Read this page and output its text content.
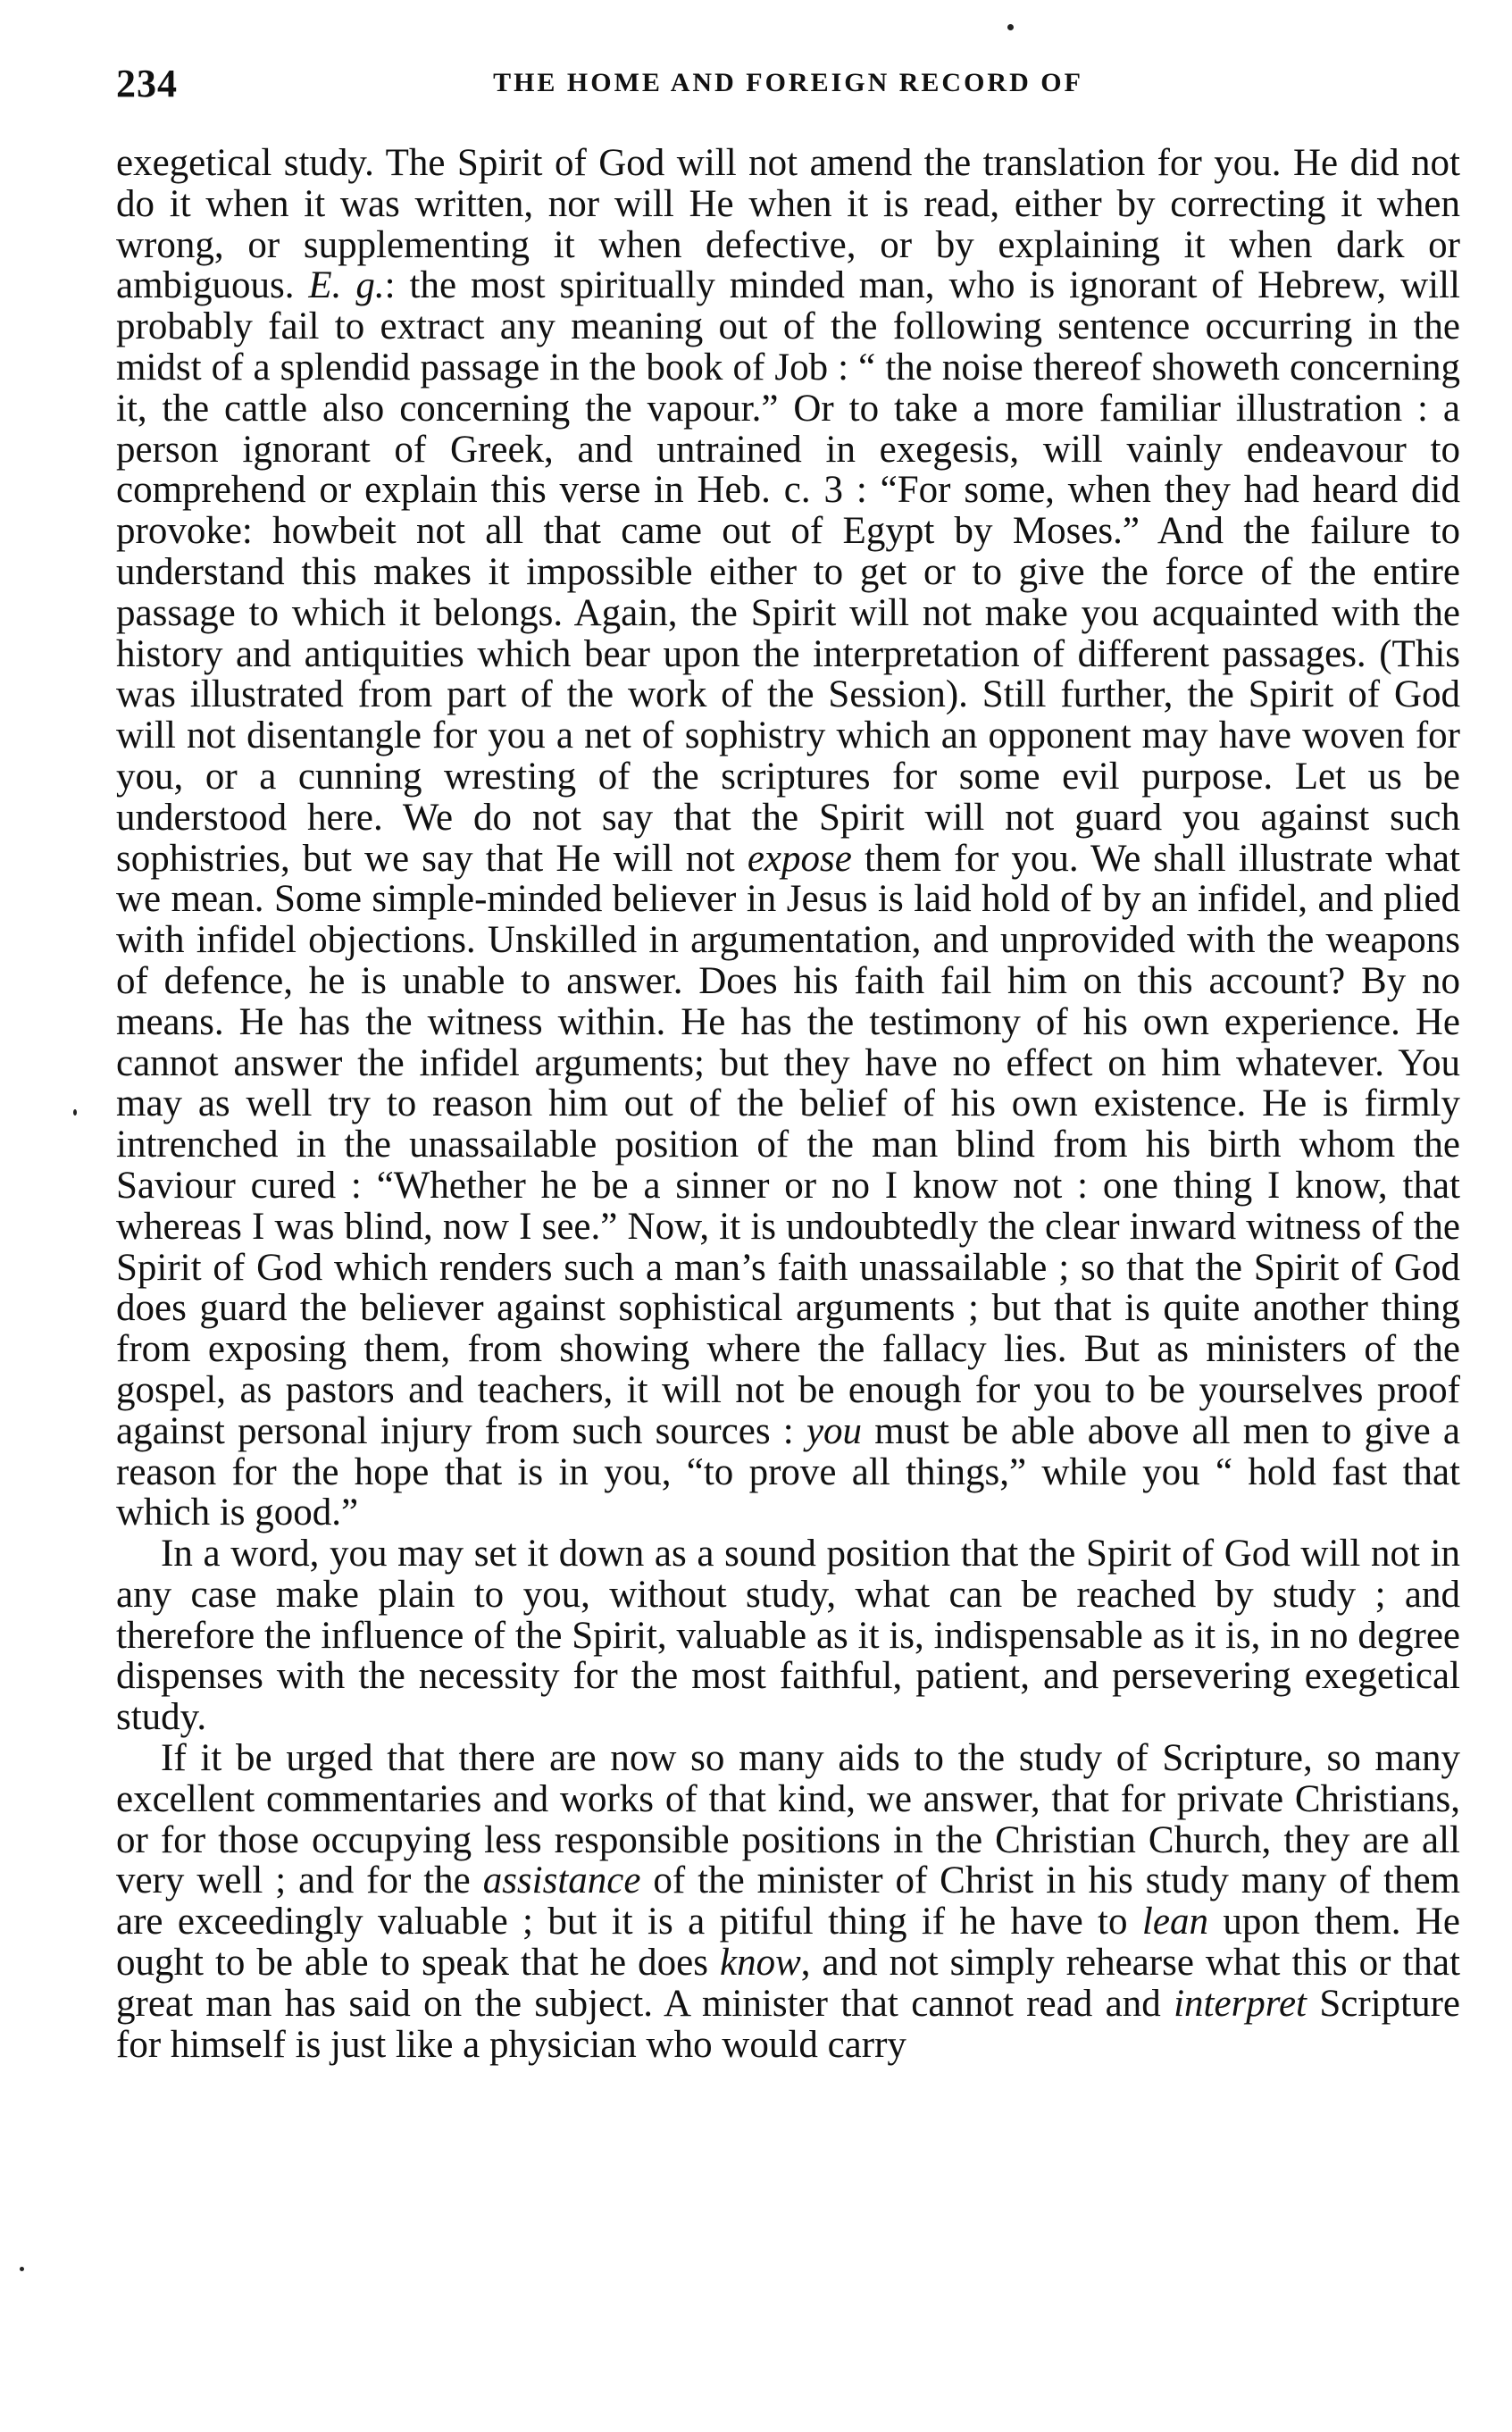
234	THE HOME AND FOREIGN RECORD OF

exegetical study. The Spirit of God will not amend the translation for you. He did not do it when it was written, nor will He when it is read, either by correcting it when wrong, or supplementing it when defective, or by explaining it when dark or ambiguous. E. g.: the most spiritually minded man, who is ignorant of Hebrew, will probably fail to extract any meaning out of the following sentence occurring in the midst of a splendid passage in the book of Job : “ the noise thereof showeth concerning it, the cattle also concerning the vapour.” Or to take a more familiar illustration : a person ignorant of Greek, and untrained in exegesis, will vainly endeavour to comprehend or explain this verse in Heb. c. 3 : “For some, when they had heard did provoke: howbeit not all that came out of Egypt by Moses.” And the failure to understand this makes it impossible either to get or to give the force of the entire passage to which it belongs. Again, the Spirit will not make you acquainted with the history and antiquities which bear upon the interpretation of different passages. (This was illustrated from part of the work of the Session). Still further, the Spirit of God will not disentangle for you a net of sophistry which an opponent may have woven for you, or a cunning wresting of the scriptures for some evil purpose. Let us be understood here. We do not say that the Spirit will not guard you against such sophistries, but we say that He will not expose them for you. We shall illustrate what we mean. Some simple-minded believer in Jesus is laid hold of by an infidel, and plied with infidel objections. Unskilled in argumentation, and unprovided with the weapons of defence, he is unable to answer. Does his faith fail him on this account? By no means. He has the witness within. He has the testimony of his own experience. He cannot answer the infidel arguments; but they have no effect on him whatever. You may as well try to reason him out of the belief of his own existence. He is firmly intrenched in the unassailable position of the man blind from his birth whom the Saviour cured : “Whether he be a sinner or no I know not : one thing I know, that whereas I was blind, now I see.” Now, it is undoubtedly the clear inward witness of the Spirit of God which renders such a man’s faith unassailable ; so that the Spirit of God does guard the believer against sophistical arguments ; but that is quite another thing from exposing them, from showing where the fallacy lies. But as ministers of the gospel, as pastors and teachers, it will not be enough for you to be yourselves proof against personal injury from such sources : you must be able above all men to give a reason for the hope that is in you, “to prove all things,” while you “ hold fast that which is good.”

In a word, you may set it down as a sound position that the Spirit of God will not in any case make plain to you, without study, what can be reached by study ; and therefore the influence of the Spirit, valuable as it is, indispensable as it is, in no degree dispenses with the necessity for the most faithful, patient, and persevering exegetical study.

If it be urged that there are now so many aids to the study of Scripture, so many excellent commentaries and works of that kind, we answer, that for private Christians, or for those occupying less responsible positions in the Christian Church, they are all very well ; and for the assistance of the minister of Christ in his study many of them are exceedingly valuable ; but it is a pitiful thing if he have to lean upon them. He ought to be able to speak that he does know, and not simply rehearse what this or that great man has said on the subject. A minister that cannot read and interpret Scripture for himself is just like a physician who would carry
